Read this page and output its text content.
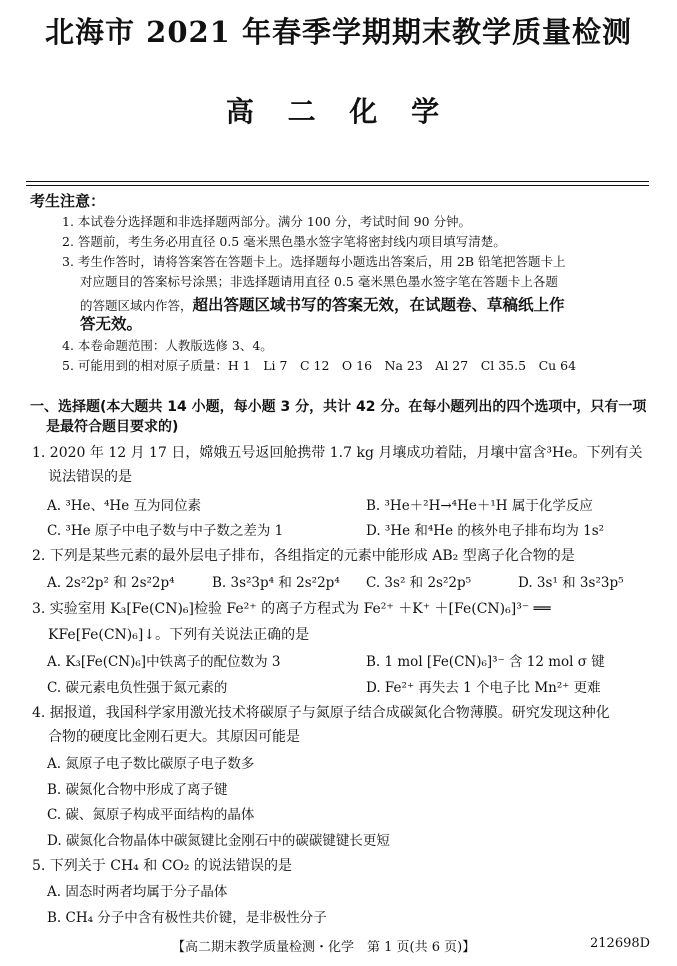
北海市 2021 年春季学期期末教学质量检测
高 二 化 学
考生注意：
1. 本试卷分选择题和非选择题两部分。满分 100 分，考试时间 90 分钟。
2. 答题前，考生务必用直径 0.5 毫米黑色墨水签字笔将密封线内项目填写清楚。
3. 考生作答时，请将答案答在答题卡上。选择题每小题选出答案后，用 2B 铅笔把答题卡上
对应题目的答案标号涂黑；非选择题请用直径 0.5 毫米黑色墨水签字笔在答题卡上各题
的答题区域内作答，超出答题区域书写的答案无效，在试题卷、草稿纸上作
答无效。
4. 本卷命题范围：人教版选修 3、4。
5. 可能用到的相对原子质量：H 1　Li 7　C 12　O 16　Na 23　Al 27　Cl 35.5　Cu 64
一、选择题(本大题共 14 小题，每小题 3 分，共计 42 分。在每小题列出的四个选项中，只有一项
是最符合题目要求的)
1. 2020 年 12 月 17 日，嫦娥五号返回舱携带 1.7 kg 月壤成功着陆，月壤中富含³He。下列有关
说法错误的是
A. ³He、⁴He 互为同位素	B. ³He＋²H→⁴He＋¹H 属于化学反应
C. ³He 原子中电子数与中子数之差为 1	D. ³He 和⁴He 的核外电子排布均为 1s²
2. 下列是某些元素的最外层电子排布，各组指定的元素中能形成 AB₂ 型离子化合物的是
A. 2s²2p² 和 2s²2p⁴	B. 3s²3p⁴ 和 2s²2p⁴ C. 3s² 和 2s²2p⁵	D. 3s¹ 和 3s²3p⁵
3. 实验室用 K₃[Fe(CN)₆]检验 Fe²⁺ 的离子方程式为 Fe²⁺ ＋K⁺ ＋[Fe(CN)₆]³⁻ ══
KFe[Fe(CN)₆]↓。下列有关说法正确的是
A. K₃[Fe(CN)₆]中铁离子的配位数为 3	B. 1 mol [Fe(CN)₆]³⁻ 含 12 mol σ 键
C. 碳元素电负性强于氮元素的	D. Fe²⁺ 再失去 1 个电子比 Mn²⁺ 更难
4. 据报道，我国科学家用激光技术将碳原子与氮原子结合成碳氮化合物薄膜。研究发现这种化
合物的硬度比金刚石更大。其原因可能是
A. 氮原子电子数比碳原子电子数多
B. 碳氮化合物中形成了离子键
C. 碳、氮原子构成平面结构的晶体
D. 碳氮化合物晶体中碳氮键比金刚石中的碳碳键键长更短
5. 下列关于 CH₄ 和 CO₂ 的说法错误的是
A. 固态时两者均属于分子晶体
B. CH₄ 分子中含有极性共价键，是非极性分子
【高二期末教学质量检测・化学　第 1 页(共 6 页)】	212698D
